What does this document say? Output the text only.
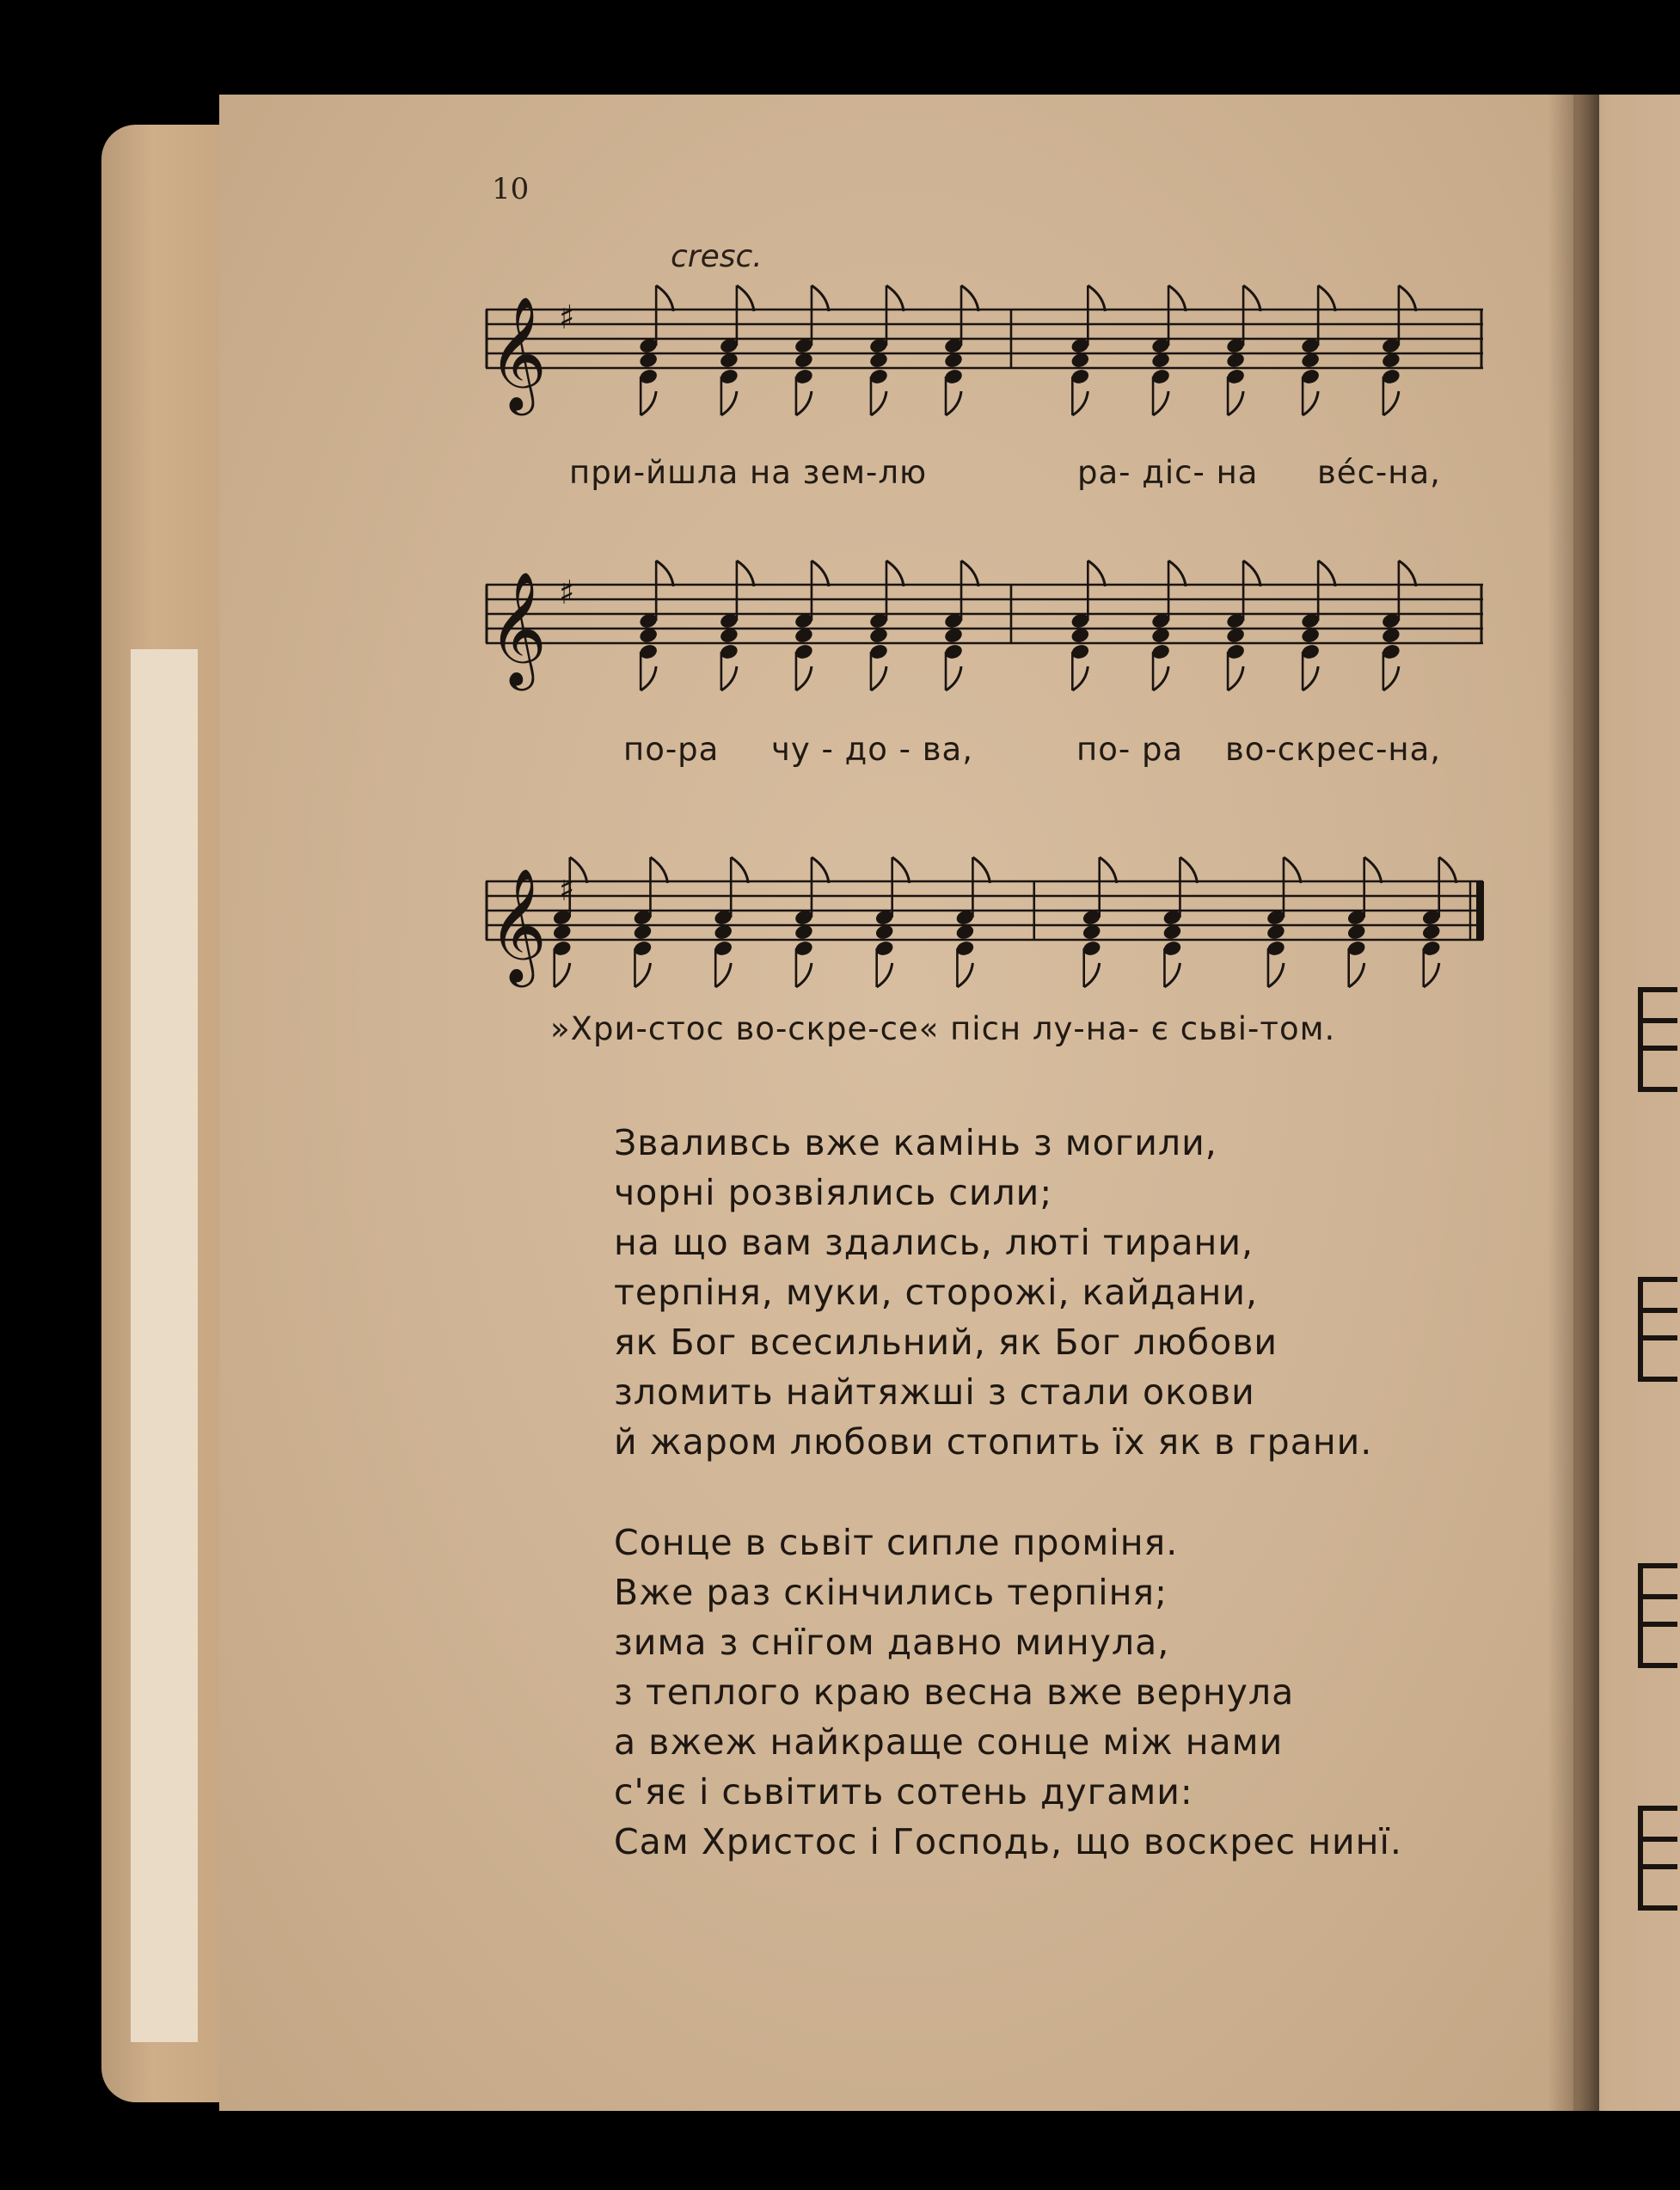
10
cresc.
𝄞 ♯
при-йшла на зем-лю	ра- діс- на ве́с-на,
𝄞 ♯
по-ра чу - до - ва,	по- ра во-скрес-на,
𝄞 ♯
»Хри-стос во-скре-се« пісн лу-на- є сьві-том.
Зваливсь вже камінь з могили,
чорні розвіялись сили;
на що вам здались, люті тирани,
терпіня, муки, сторожі, кайдани,
як Бог всесильний, як Бог любови
зломить найтяжші з стали окови
й жаром любови стопить їх як в грани.
Сонце в сьвіт сипле проміня.
Вже раз скінчились терпіня;
зима з снїгом давно минула,
з теплого краю весна вже вернула
а вжеж найкраще сонце між нами
с'яє і сьвітить сотень дугами:
Сам Христос і Господь, що воскрес нинї.
